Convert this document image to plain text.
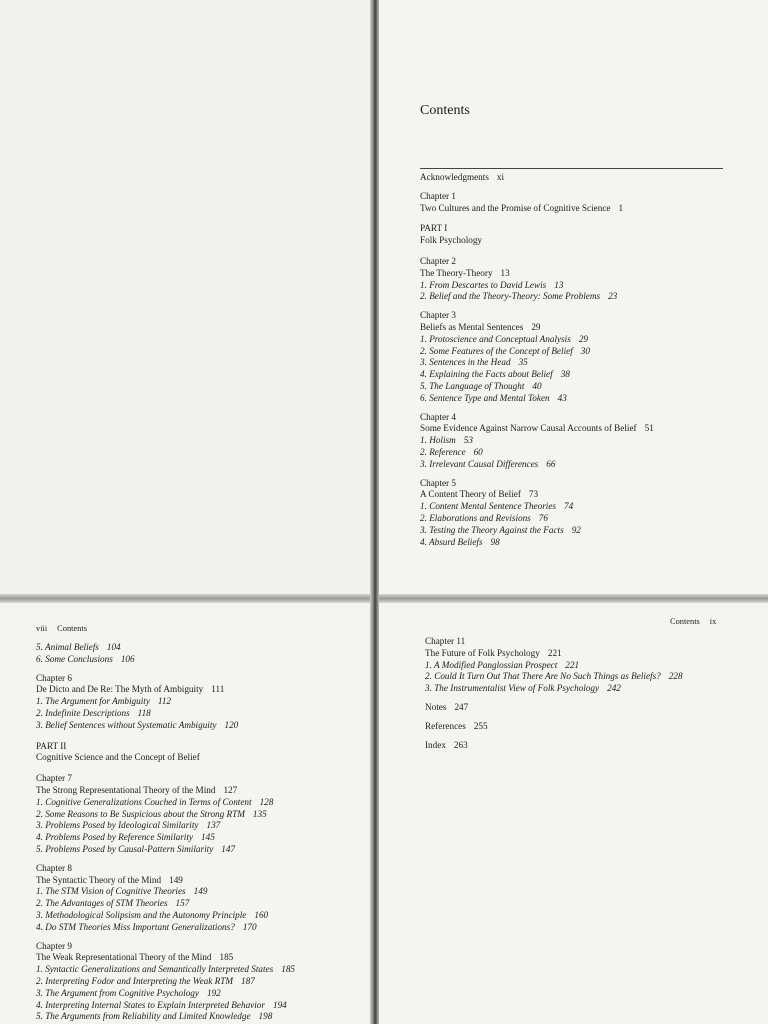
Contents
Acknowledgments xi
Chapter 1
Two Cultures and the Promise of Cognitive Science 1
PART I
Folk Psychology
Chapter 2
The Theory-Theory 13
1. From Descartes to David Lewis 13
2. Belief and the Theory-Theory: Some Problems 23
Chapter 3
Beliefs as Mental Sentences 29
1. Protoscience and Conceptual Analysis 29
2. Some Features of the Concept of Belief 30
3. Sentences in the Head 35
4. Explaining the Facts about Belief 38
5. The Language of Thought 40
6. Sentence Type and Mental Token 43
Chapter 4
Some Evidence Against Narrow Causal Accounts of Belief 51
1. Holism 53
2. Reference 60
3. Irrelevant Causal Differences 66
Chapter 5
A Content Theory of Belief 73
1. Content Mental Sentence Theories 74
2. Elaborations and Revisions 76
3. Testing the Theory Against the Facts 92
4. Absurd Beliefs 98
viii Contents
5. Animal Beliefs 104
6. Some Conclusions 106
Chapter 6
De Dicto and De Re: The Myth of Ambiguity 111
1. The Argument for Ambiguity 112
2. Indefinite Descriptions 118
3. Belief Sentences without Systematic Ambiguity 120
PART II
Cognitive Science and the Concept of Belief
Chapter 7
The Strong Representational Theory of the Mind 127
1. Cognitive Generalizations Couched in Terms of Content 128
2. Some Reasons to Be Suspicious about the Strong RTM 135
3. Problems Posed by Ideological Similarity 137
4. Problems Posed by Reference Similarity 145
5. Problems Posed by Causal-Pattern Similarity 147
Chapter 8
The Syntactic Theory of the Mind 149
1. The STM Vision of Cognitive Theories 149
2. The Advantages of STM Theories 157
3. Methodological Solipsism and the Autonomy Principle 160
4. Do STM Theories Miss Important Generalizations? 170
Chapter 9
The Weak Representational Theory of the Mind 185
1. Syntactic Generalizations and Semantically Interpreted States 185
2. Interpreting Fodor and Interpreting the Weak RTM 187
3. The Argument from Cognitive Psychology 192
4. Interpreting Internal States to Explain Interpreted Behavior 194
5. The Arguments from Reliability and Limited Knowledge 198
Contents ix
Chapter 11
The Future of Folk Psychology 221
1. A Modified Panglossian Prospect 221
2. Could It Turn Out That There Are No Such Things as Beliefs? 228
3. The Instrumentalist View of Folk Psychology 242
Notes 247
References 255
Index 263
